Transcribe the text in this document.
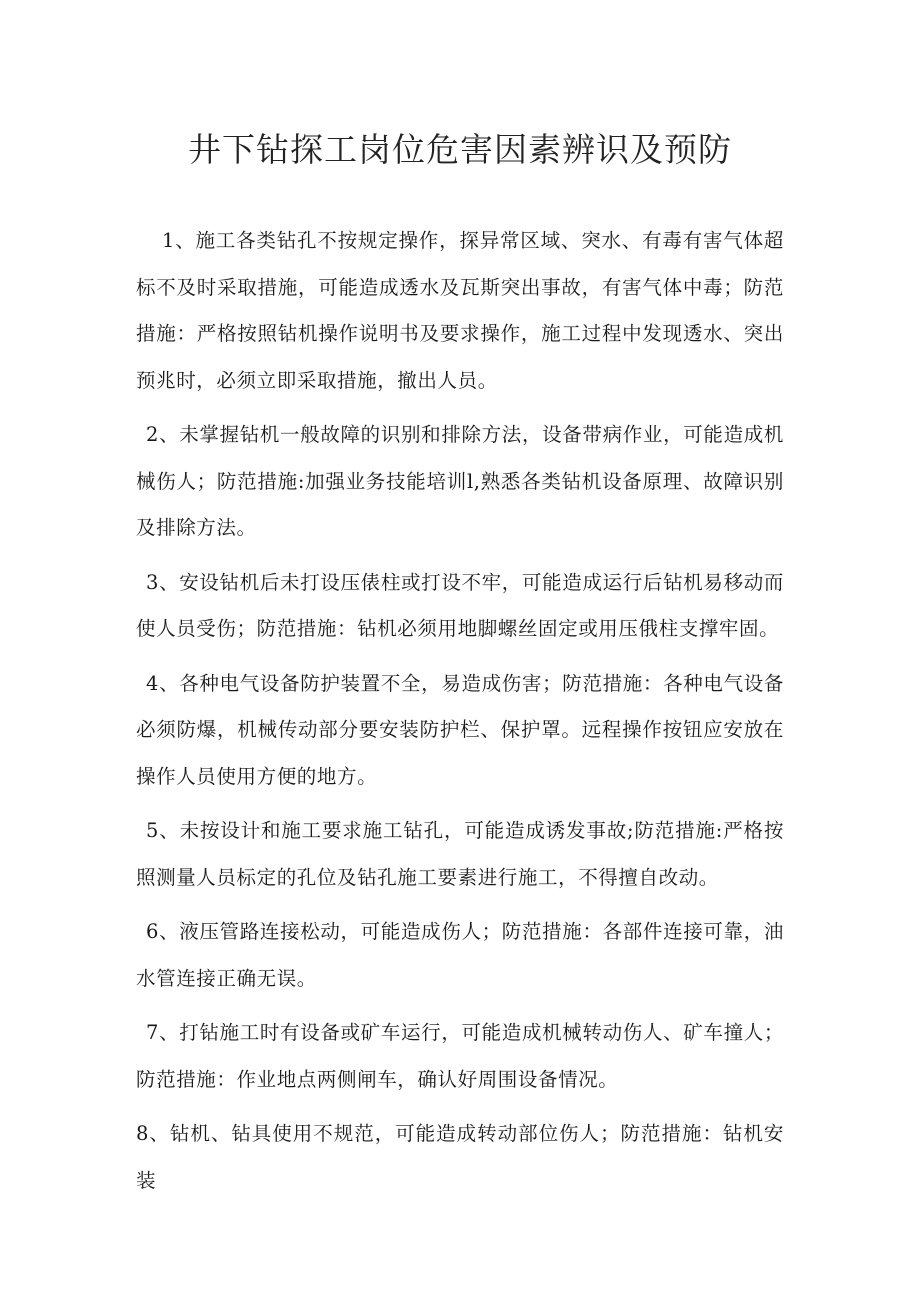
井下钻探工岗位危害因素辨识及预防

1、施工各类钻孔不按规定操作，探异常区域、突水、有毒有害气体超标不及时采取措施，可能造成透水及瓦斯突出事故，有害气体中毒；防范措施：严格按照钻机操作说明书及要求操作，施工过程中发现透水、突出预兆时，必须立即采取措施，撤出人员。

2、未掌握钻机一般故障的识别和排除方法，设备带病作业，可能造成机械伤人；防范措施:加强业务技能培训l,熟悉各类钻机设备原理、故障识别及排除方法。

3、安设钻机后未打设压俵柱或打设不牢，可能造成运行后钻机易移动而使人员受伤；防范措施：钻机必须用地脚螺丝固定或用压俄柱支撑牢固。

4、各种电气设备防护装置不全，易造成伤害；防范措施：各种电气设备必须防爆，机械传动部分要安装防护栏、保护罩。远程操作按钮应安放在操作人员使用方便的地方。

5、未按设计和施工要求施工钻孔，可能造成诱发事故;防范措施:严格按照测量人员标定的孔位及钻孔施工要素进行施工，不得擅自改动。

6、液压管路连接松动，可能造成伤人；防范措施：各部件连接可靠，油水管连接正确无误。

7、打钻施工时有设备或矿车运行，可能造成机械转动伤人、矿车撞人；防范措施：作业地点两侧闸车，确认好周围设备情况。

8、钻机、钻具使用不规范，可能造成转动部位伤人；防范措施：钻机安装
